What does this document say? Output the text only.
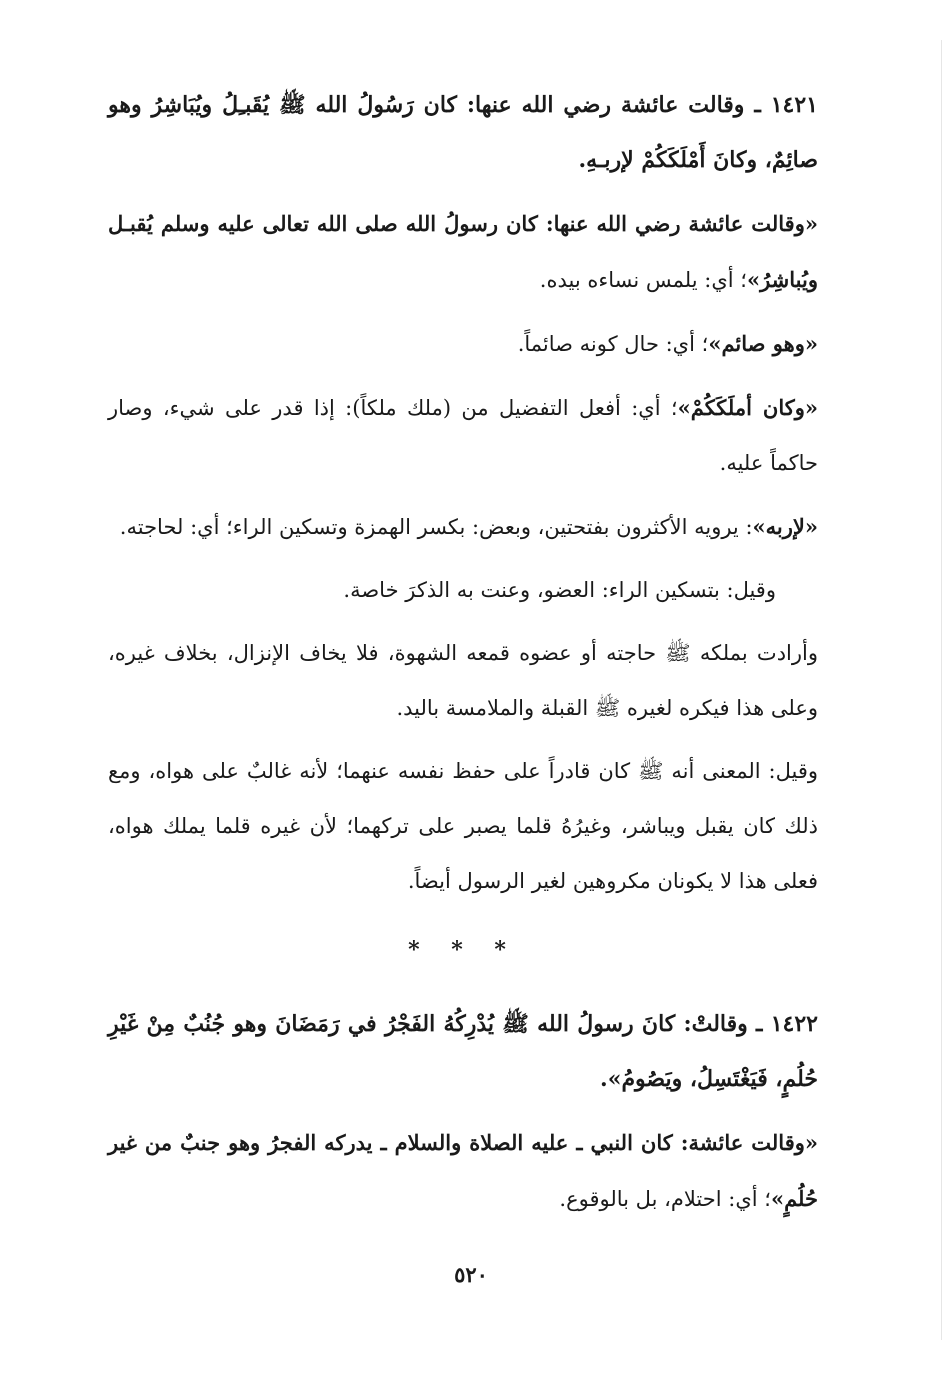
١٤٢١ ـ وقالت عائشة رضي الله عنها: كان رَسُولُ الله ﷺ يُقَبـِلُ ويُبَاشِرُ وهو صائِمٌ، وكانَ أَمْلَكَكُمْ لإربـهِ.

«وقالت عائشة رضي الله عنها: كان رسولُ الله صلى الله تعالى عليه وسلم يُقبـل ويُباشِرُ»؛ أي: يلمس نساءه بيده.

«وهو صائم»؛ أي: حال كونه صائماً.

«وكان أملَكَكُمْ»؛ أي: أفعل التفضيل من (ملك ملكاً): إذا قدر على شيء، وصار حاكماً عليه.

«لإربه»: يرويه الأكثرون بفتحتين، وبعض: بكسر الهمزة وتسكين الراء؛ أي: لحاجته.

وقيل: بتسكين الراء: العضو، وعنت به الذكرَ خاصة.

وأرادت بملكه ﷺ حاجته أو عضوه قمعه الشهوة، فلا يخاف الإنزال، بخلاف غيره، وعلى هذا فيكره لغيره ﷺ القبلة والملامسة باليد.

وقيل: المعنى أنه ﷺ كان قادراً على حفظ نفسه عنهما؛ لأنه غالبٌ على هواه، ومع ذلك كان يقبل ويباشر، وغيرُهُ قلما يصبر على تركهما؛ لأن غيره قلما يملك هواه، فعلى هذا لا يكونان مكروهين لغير الرسول أيضاً.

* * *

١٤٢٢ ـ وقالتْ: كانَ رسولُ الله ﷺ يُدْرِكُهُ الفَجْرُ في رَمَضَانَ وهو جُنُبٌ مِنْ غَيْرِ حُلُمٍ، فَيَغْتَسِلُ، ويَصُومُ».

«وقالت عائشة: كان النبي ـ عليه الصلاة والسلام ـ يدركه الفجرُ وهو جنبٌ من غير حُلُمٍ»؛ أي: احتلام، بل بالوقوع.

٥٢٠
